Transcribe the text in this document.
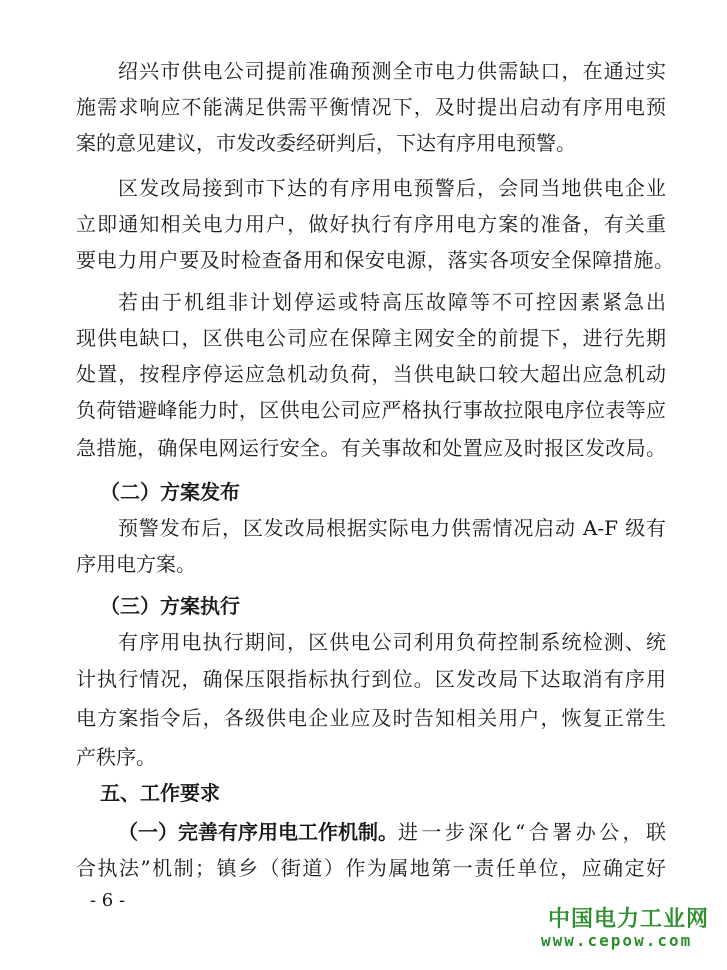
绍兴市供电公司提前准确预测全市电力供需缺口，在通过实
施需求响应不能满足供需平衡情况下，及时提出启动有序用电预
案的意见建议，市发改委经研判后，下达有序用电预警。
区发改局接到市下达的有序用电预警后，会同当地供电企业
立即通知相关电力用户，做好执行有序用电方案的准备，有关重
要电力用户要及时检查备用和保安电源，落实各项安全保障措施。
若由于机组非计划停运或特高压故障等不可控因素紧急出
现供电缺口，区供电公司应在保障主网安全的前提下，进行先期
处置，按程序停运应急机动负荷，当供电缺口较大超出应急机动
负荷错避峰能力时，区供电公司应严格执行事故拉限电序位表等应
急措施，确保电网运行安全。有关事故和处置应及时报区发改局。
（二）方案发布
预警发布后，区发改局根据实际电力供需情况启动 A-F 级有
序用电方案。
（三）方案执行
有序用电执行期间，区供电公司利用负荷控制系统检测、统
计执行情况，确保压限指标执行到位。区发改局下达取消有序用
电方案指令后，各级供电企业应及时告知相关用户，恢复正常生
产秩序。
五、工作要求
（一）完善有序用电工作机制。 进一步深化“合署办公，联
合执法”机制；镇乡（街道）作为属地第一责任单位，应确定好
- 6 -
中国电力工业网
www.cepow.com
